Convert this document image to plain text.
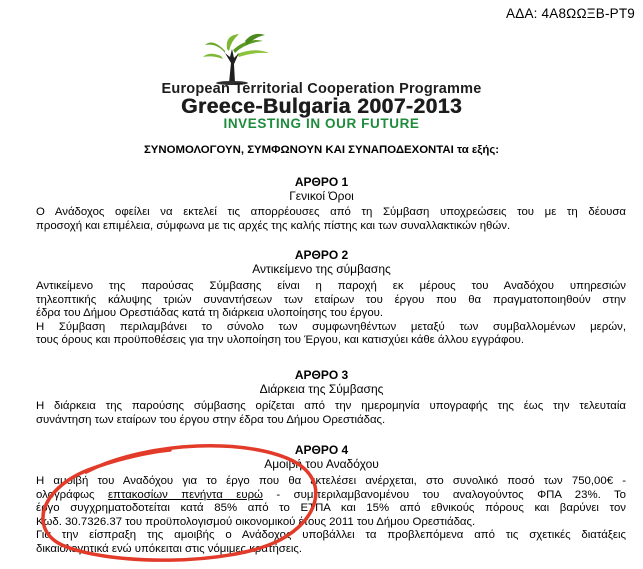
ΑΔΑ: 4Α8ΩΩΞΒ-ΡΤ9
European Territorial Cooperation Programme
Greece-Bulgaria 2007-2013
INVESTING IN OUR FUTURE
ΣΥΝΟΜΟΛΟΓΟΥΝ, ΣΥΜΦΩΝΟΥΝ ΚΑΙ ΣΥΝΑΠΟΔΕΧΟΝΤΑΙ τα εξής:
ΑΡΘΡΟ 1
Γενικοί Όροι
Ο Ανάδοχος οφείλει να εκτελεί τις απορρέουσες από τη Σύμβαση υποχρεώσεις του με τη δέουσα
προσοχή και επιμέλεια, σύμφωνα με τις αρχές της καλής πίστης και των συναλλακτικών ηθών.
ΑΡΘΡΟ 2
Αντικείμενο της σύμβασης
Αντικείμενο της παρούσας Σύμβασης είναι η παροχή εκ μέρους του Αναδόχου υπηρεσιών
τηλεοπτικής κάλυψης τριών συναντήσεων των εταίρων του έργου που θα πραγματοποιηθούν στην
έδρα του Δήμου Ορεστιάδας κατά τη διάρκεια υλοποίησης του έργου.
Η Σύμβαση περιλαμβάνει το σύνολο των συμφωνηθέντων μεταξύ των συμβαλλομένων μερών,
τους όρους και προϋποθέσεις για την υλοποίηση του Έργου, και κατισχύει κάθε άλλου εγγράφου.
ΑΡΘΡΟ 3
Διάρκεια της Σύμβασης
Η διάρκεια της παρούσης σύμβασης ορίζεται από την ημερομηνία υπογραφής της έως την τελευταία
συνάντηση των εταίρων του έργου στην έδρα του Δήμου Ορεστιάδας.
ΑΡΘΡΟ 4
Αμοιβή του Αναδόχου
Η αμοιβή του Αναδόχου για το έργο που θα εκτελέσει ανέρχεται, στο συνολικό ποσό των 750,00€ -
ολογράφως επτακοσίων πενήντα ευρώ - συμπεριλαμβανομένου του αναλογούντος ΦΠΑ 23%. Το
έργο συγχρηματοδοτείται κατά 85% από το ΕΤΠΑ και 15% από εθνικούς πόρους και βαρύνει τον
Κωδ. 30.7326.37 του προϋπολογισμού οικονομικού έτους 2011 του Δήμου Ορεστιάδας.
Για την είσπραξη της αμοιβής ο Ανάδοχος υποβάλλει τα προβλεπόμενα από τις σχετικές διατάξεις
δικαιολογητικά ενώ υπόκειται στις νόμιμες κρατήσεις.
